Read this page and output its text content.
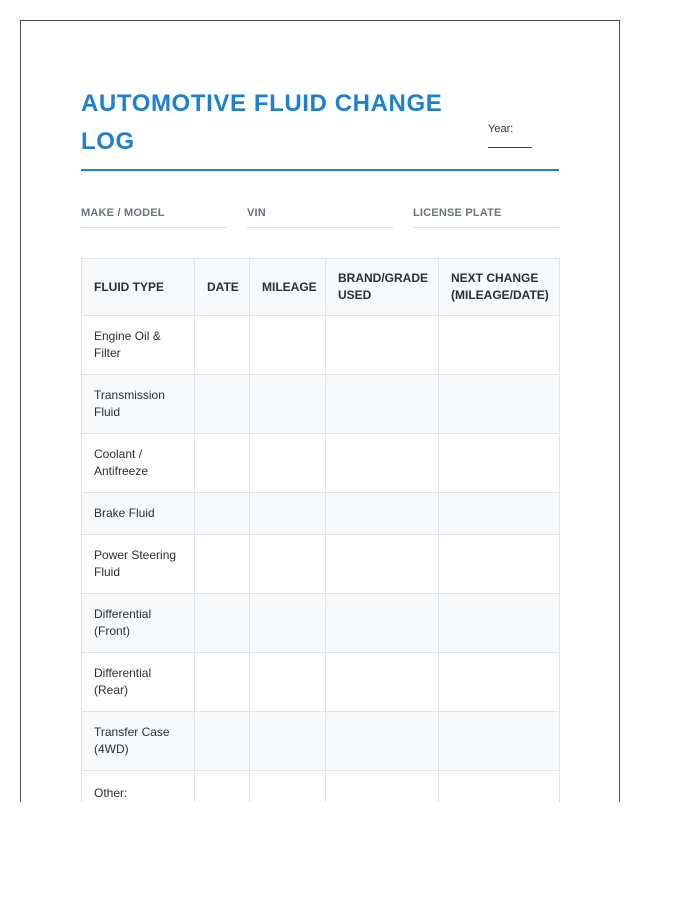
AUTOMOTIVE FLUID CHANGE LOG	Year:
MAKE / MODEL	VIN	LICENSE PLATE
FLUID TYPE	DATE	MILEAGE	BRAND/GRADE USED	NEXT CHANGE (MILEAGE/DATE)
Engine Oil & Filter				
Transmission Fluid				
Coolant / Antifreeze				
Brake Fluid				
Power Steering Fluid				
Differential (Front)				
Differential (Rear)				
Transfer Case (4WD)				
Other:				
